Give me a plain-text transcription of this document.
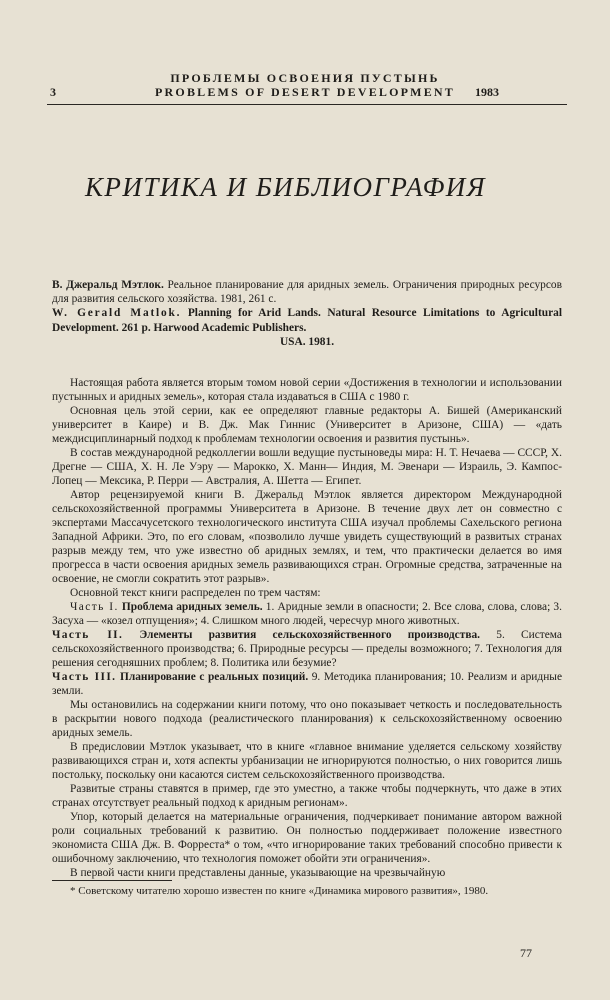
3
ПРОБЛЕМЫ ОСВОЕНИЯ ПУСТЫНЬ
PROBLEMS OF DESERT DEVELOPMENT	1983
КРИТИКА И БИБЛИОГРАФИЯ
В. Джеральд Мэтлок. Реальное планирование для аридных земель. Ограничения природных ресурсов для развития сельского хозяйства. 1981, 261 с.
W. Gerald Matlok. Planning for Arid Lands. Natural Resource Limitations to Agricultural Development. 261 p. Harwood Academic Publishers.
USA. 1981.

Настоящая работа является вторым томом новой серии «Достижения в технологии и использовании пустынных и аридных земель», которая стала издаваться в США с 1980 г.

Основная цель этой серии, как ее определяют главные редакторы А. Бишей (Американский университет в Каире) и В. Дж. Мак Гиннис (Университет в Аризоне, США) — «дать междисциплинарный подход к проблемам технологии освоения и развития пустынь».

В состав международной редколлегии вошли ведущие пустыноведы мира: Н. Т. Нечаева — СССР, Х. Дрегне — США, Х. Н. Ле Уэру — Марокко, Х. Манн— Индия, М. Эвенари — Израиль, Э. Кампос-Лопец — Мексика, Р. Перри — Австралия, А. Шетта — Египет.

Автор рецензируемой книги В. Джеральд Мэтлок является директором Международной сельскохозяйственной программы Университета в Аризоне. В течение двух лет он совместно с экспертами Массачусетского технологического института США изучал проблемы Сахельского региона Западной Африки. Это, по его словам, «позволило лучше увидеть существующий в развитых странах разрыв между тем, что уже известно об аридных землях, и тем, что практически делается во имя прогресса в части освоения аридных земель развивающихся стран. Огромные средства, затраченные на освоение, не смогли сократить этот разрыв».

Основной текст книги распределен по трем частям:

Часть I. Проблема аридных земель. 1. Аридные земли в опасности; 2. Все слова, слова, слова; 3. Засуха — «козел отпущения»; 4. Слишком много людей, чересчур много животных.

Часть II. Элементы развития сельскохозяйственного производства. 5. Система сельскохозяйственного производства; 6. Природные ресурсы — пределы возможного; 7. Технология для решения сегодняшних проблем; 8. Политика или безумие?

Часть III. Планирование с реальных позиций. 9. Методика планирования; 10. Реализм и аридные земли.

Мы остановились на содержании книги потому, что оно показывает четкость и последовательность в раскрытии нового подхода (реалистического планирования) к сельскохозяйственному освоению аридных земель.

В предисловии Мэтлок указывает, что в книге «главное внимание уделяется сельскому хозяйству развивающихся стран и, хотя аспекты урбанизации не игнорируются полностью, о них говорится лишь постольку, поскольку они касаются систем сельскохозяйственного производства.

Развитые страны ставятся в пример, где это уместно, а также чтобы подчеркнуть, что даже в этих странах отсутствует реальный подход к аридным регионам».

Упор, который делается на материальные ограничения, подчеркивает понимание автором важной роли социальных требований к развитию. Он полностью поддерживает положение известного экономиста США Дж. В. Форреста* о том, «что игнорирование таких требований способно привести к ошибочному заключению, что технология поможет обойти эти ограничения».

В первой части книги представлены данные, указывающие на чрезвычайную

* Советскому читателю хорошо известен по книге «Динамика мирового развития», 1980.

77
